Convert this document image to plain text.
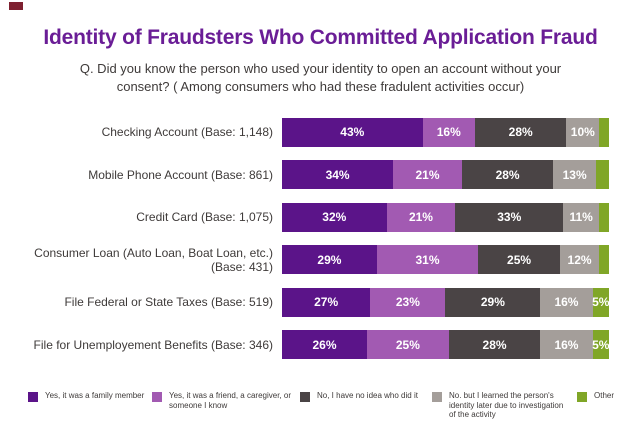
Identity of Fraudsters Who Committed Application Fraud

Q. Did you know the person who used your identity to open an account without your
consent? ( Among consumers who had these fradulent activities occur)

Checking Account (Base: 1,148)	43%	16%	28%	10%
Mobile Phone Account (Base: 861)	34%	21%	28%	13%
Credit Card (Base: 1,075)	32%	21%	33%	11%
Consumer Loan (Auto Loan, Boat Loan, etc.)
(Base: 431)	29%	31%	25%	12%
File Federal or State Taxes (Base: 519)	27%	23%	29%	16%	5%
File for Unemployement Benefits (Base: 346)	26%	25%	28%	16%	5%
Yes, it was a family member	Yes, it was a friend, a caregiver, or
someone I know
No, I have no idea who did it	No. but I learned the person's
identity later due to investigation
of the activity
Other
